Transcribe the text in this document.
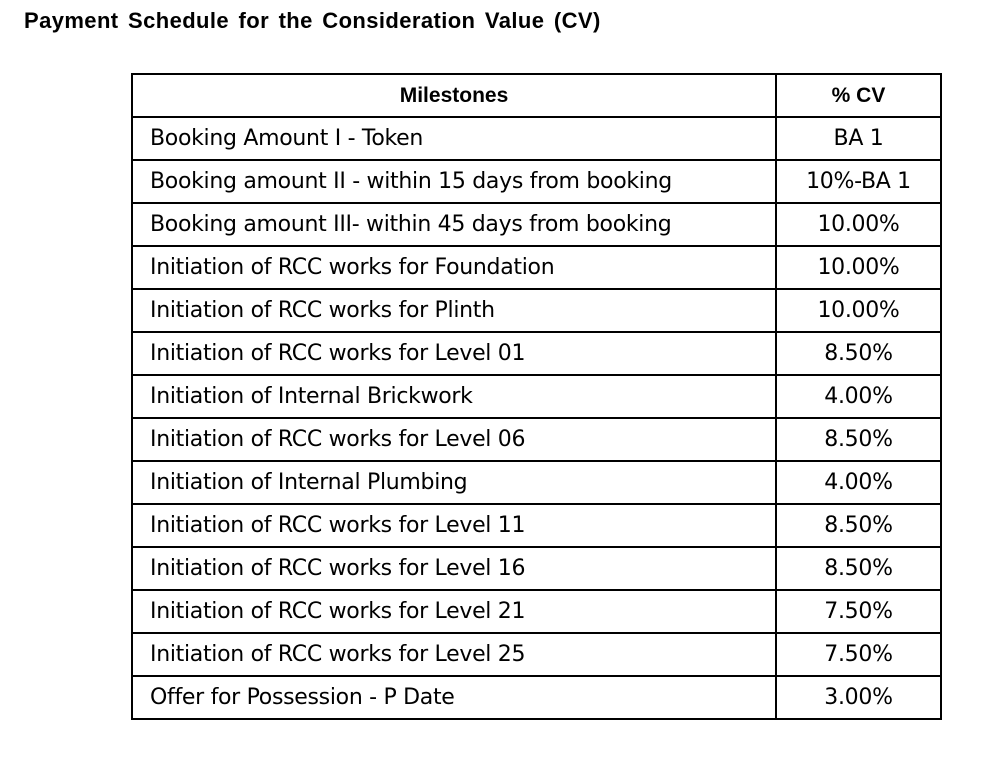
Payment Schedule for the Consideration Value (CV)
Milestones	% CV
Booking Amount I - Token	BA 1
Booking amount II - within 15 days from booking	10%-BA 1
Booking amount III- within 45 days from booking	10.00%
Initiation of RCC works for Foundation	10.00%
Initiation of RCC works for Plinth	10.00%
Initiation of RCC works for Level 01	8.50%
Initiation of Internal Brickwork	4.00%
Initiation of RCC works for Level 06	8.50%
Initiation of Internal Plumbing	4.00%
Initiation of RCC works for Level 11	8.50%
Initiation of RCC works for Level 16	8.50%
Initiation of RCC works for Level 21	7.50%
Initiation of RCC works for Level 25	7.50%
Offer for Possession - P Date	3.00%
